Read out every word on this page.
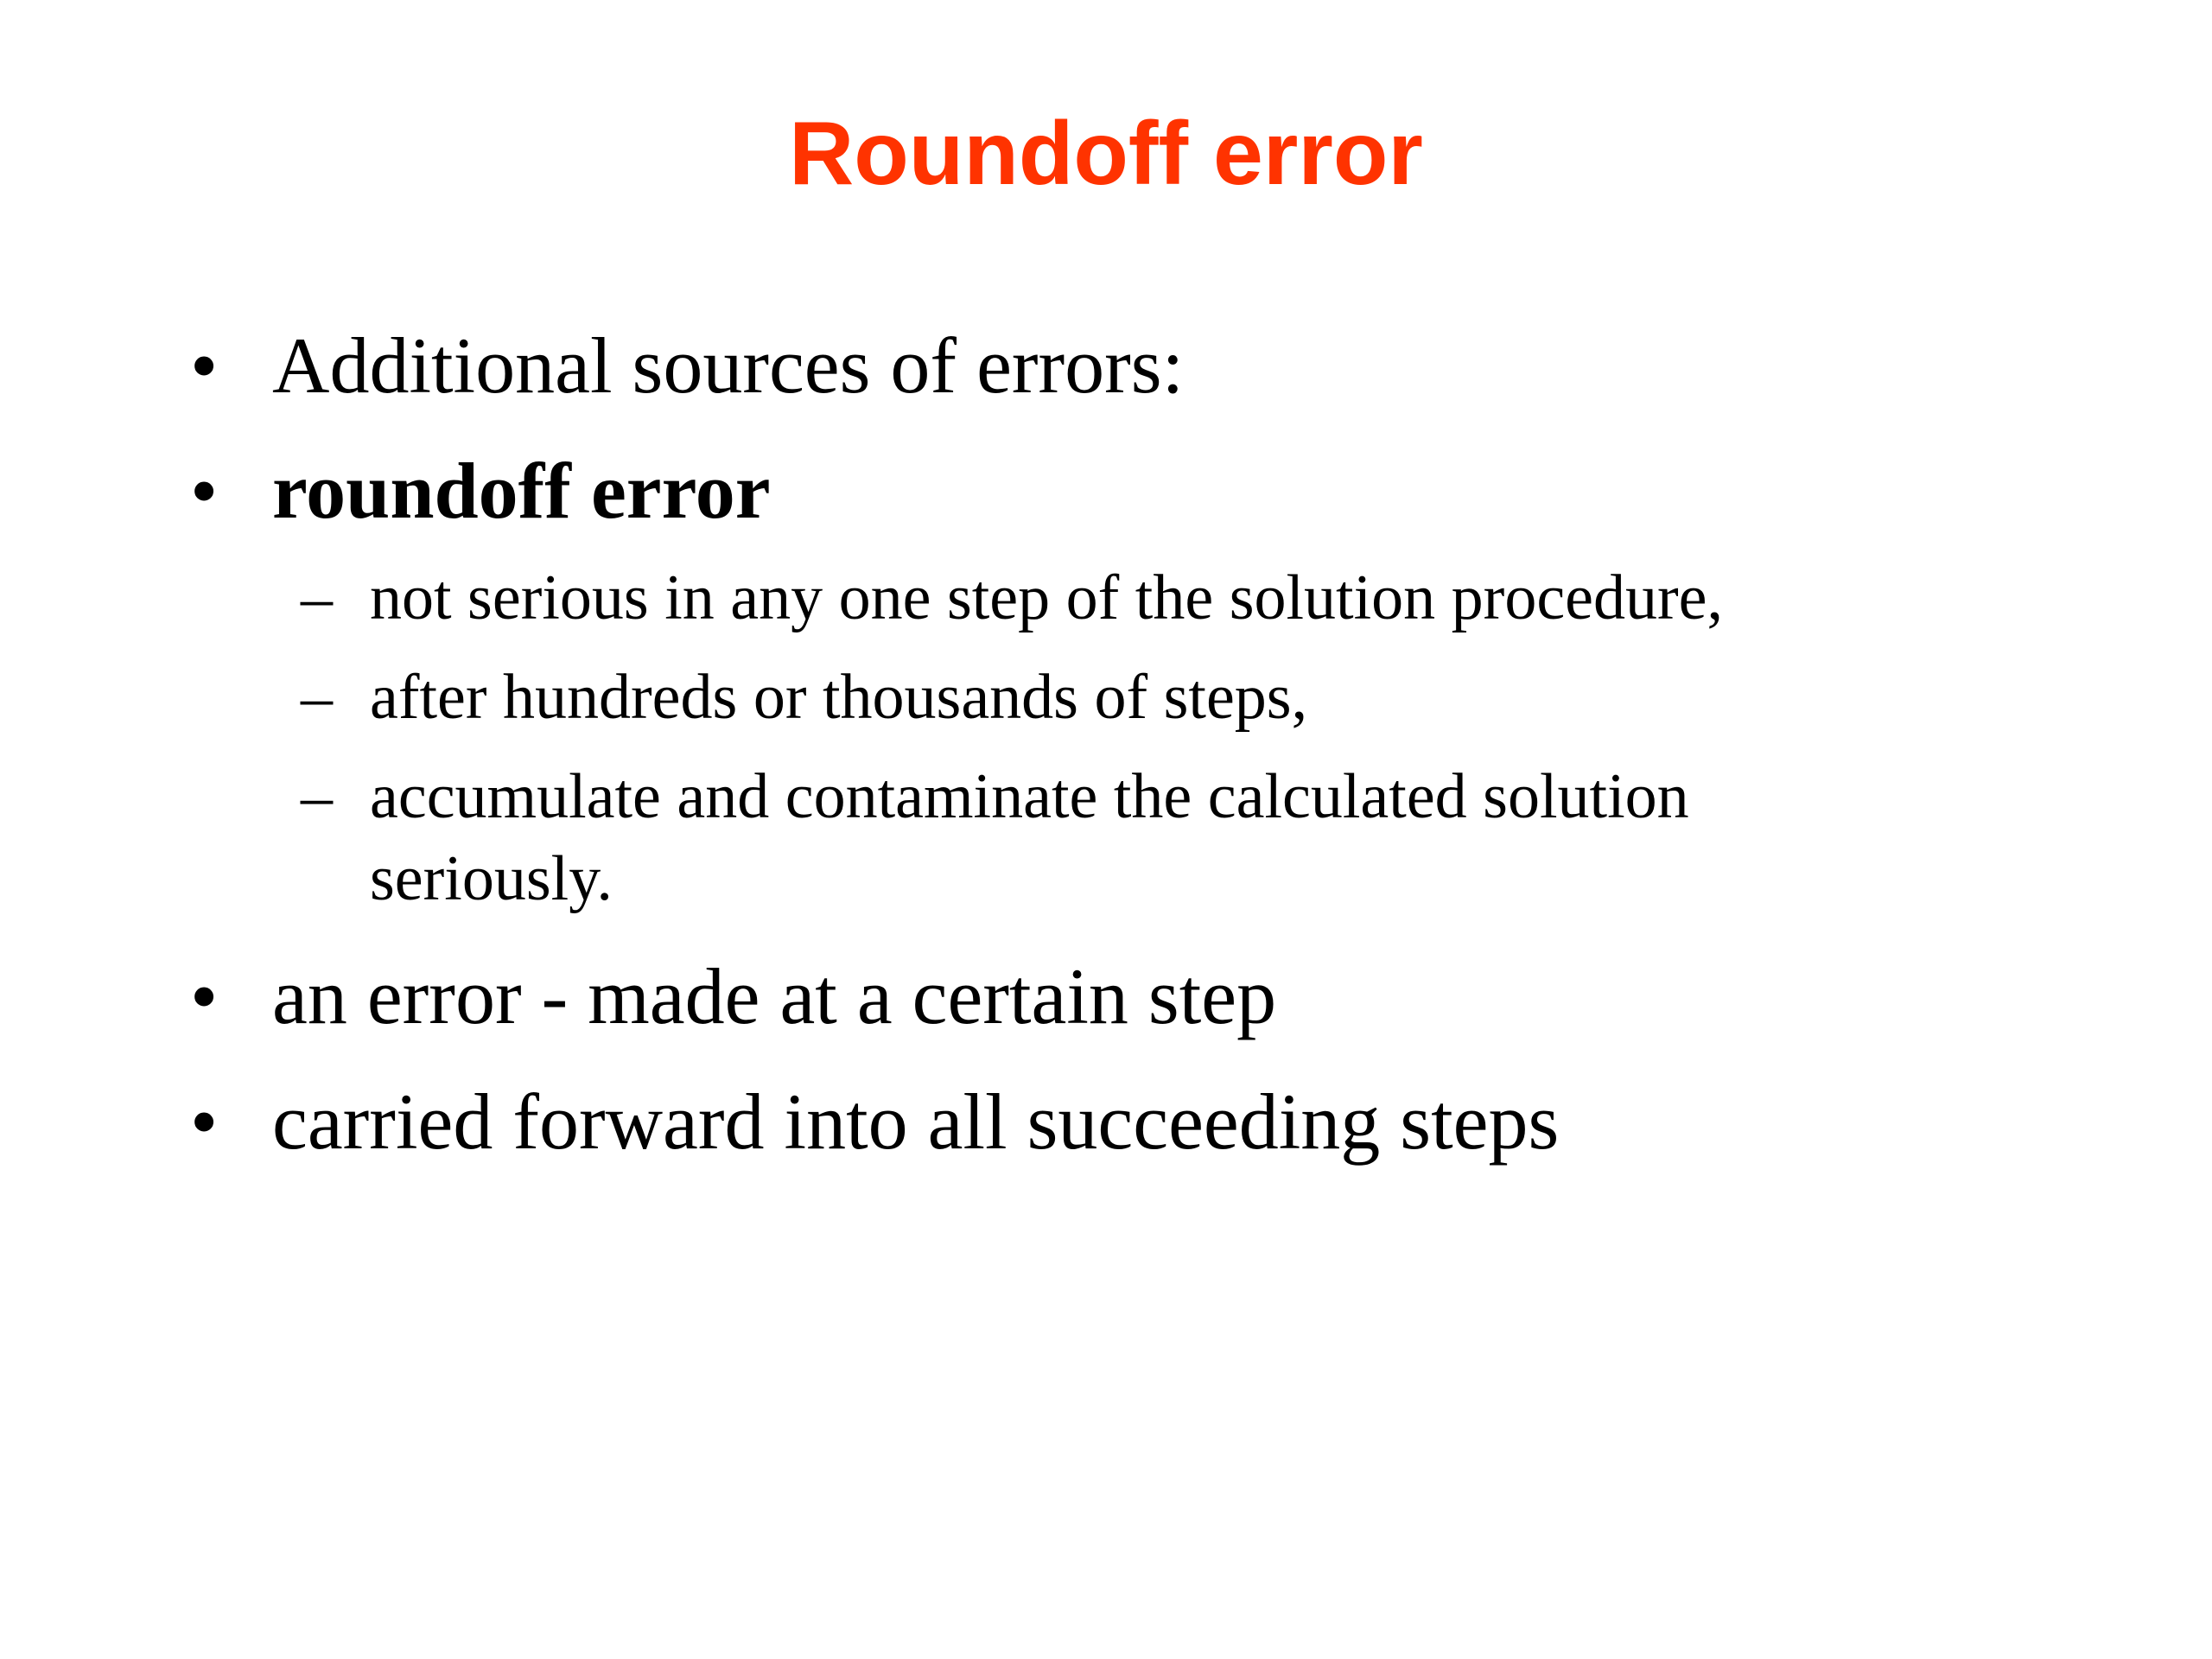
Roundoff error
• Additional sources of errors:
• roundoff error
– not serious in any one step of the solution procedure,
– after hundreds or thousands of steps,
– accumulate and contaminate the calculated solution
seriously.
• an error - made at a certain step
• carried forward into all succeeding steps
